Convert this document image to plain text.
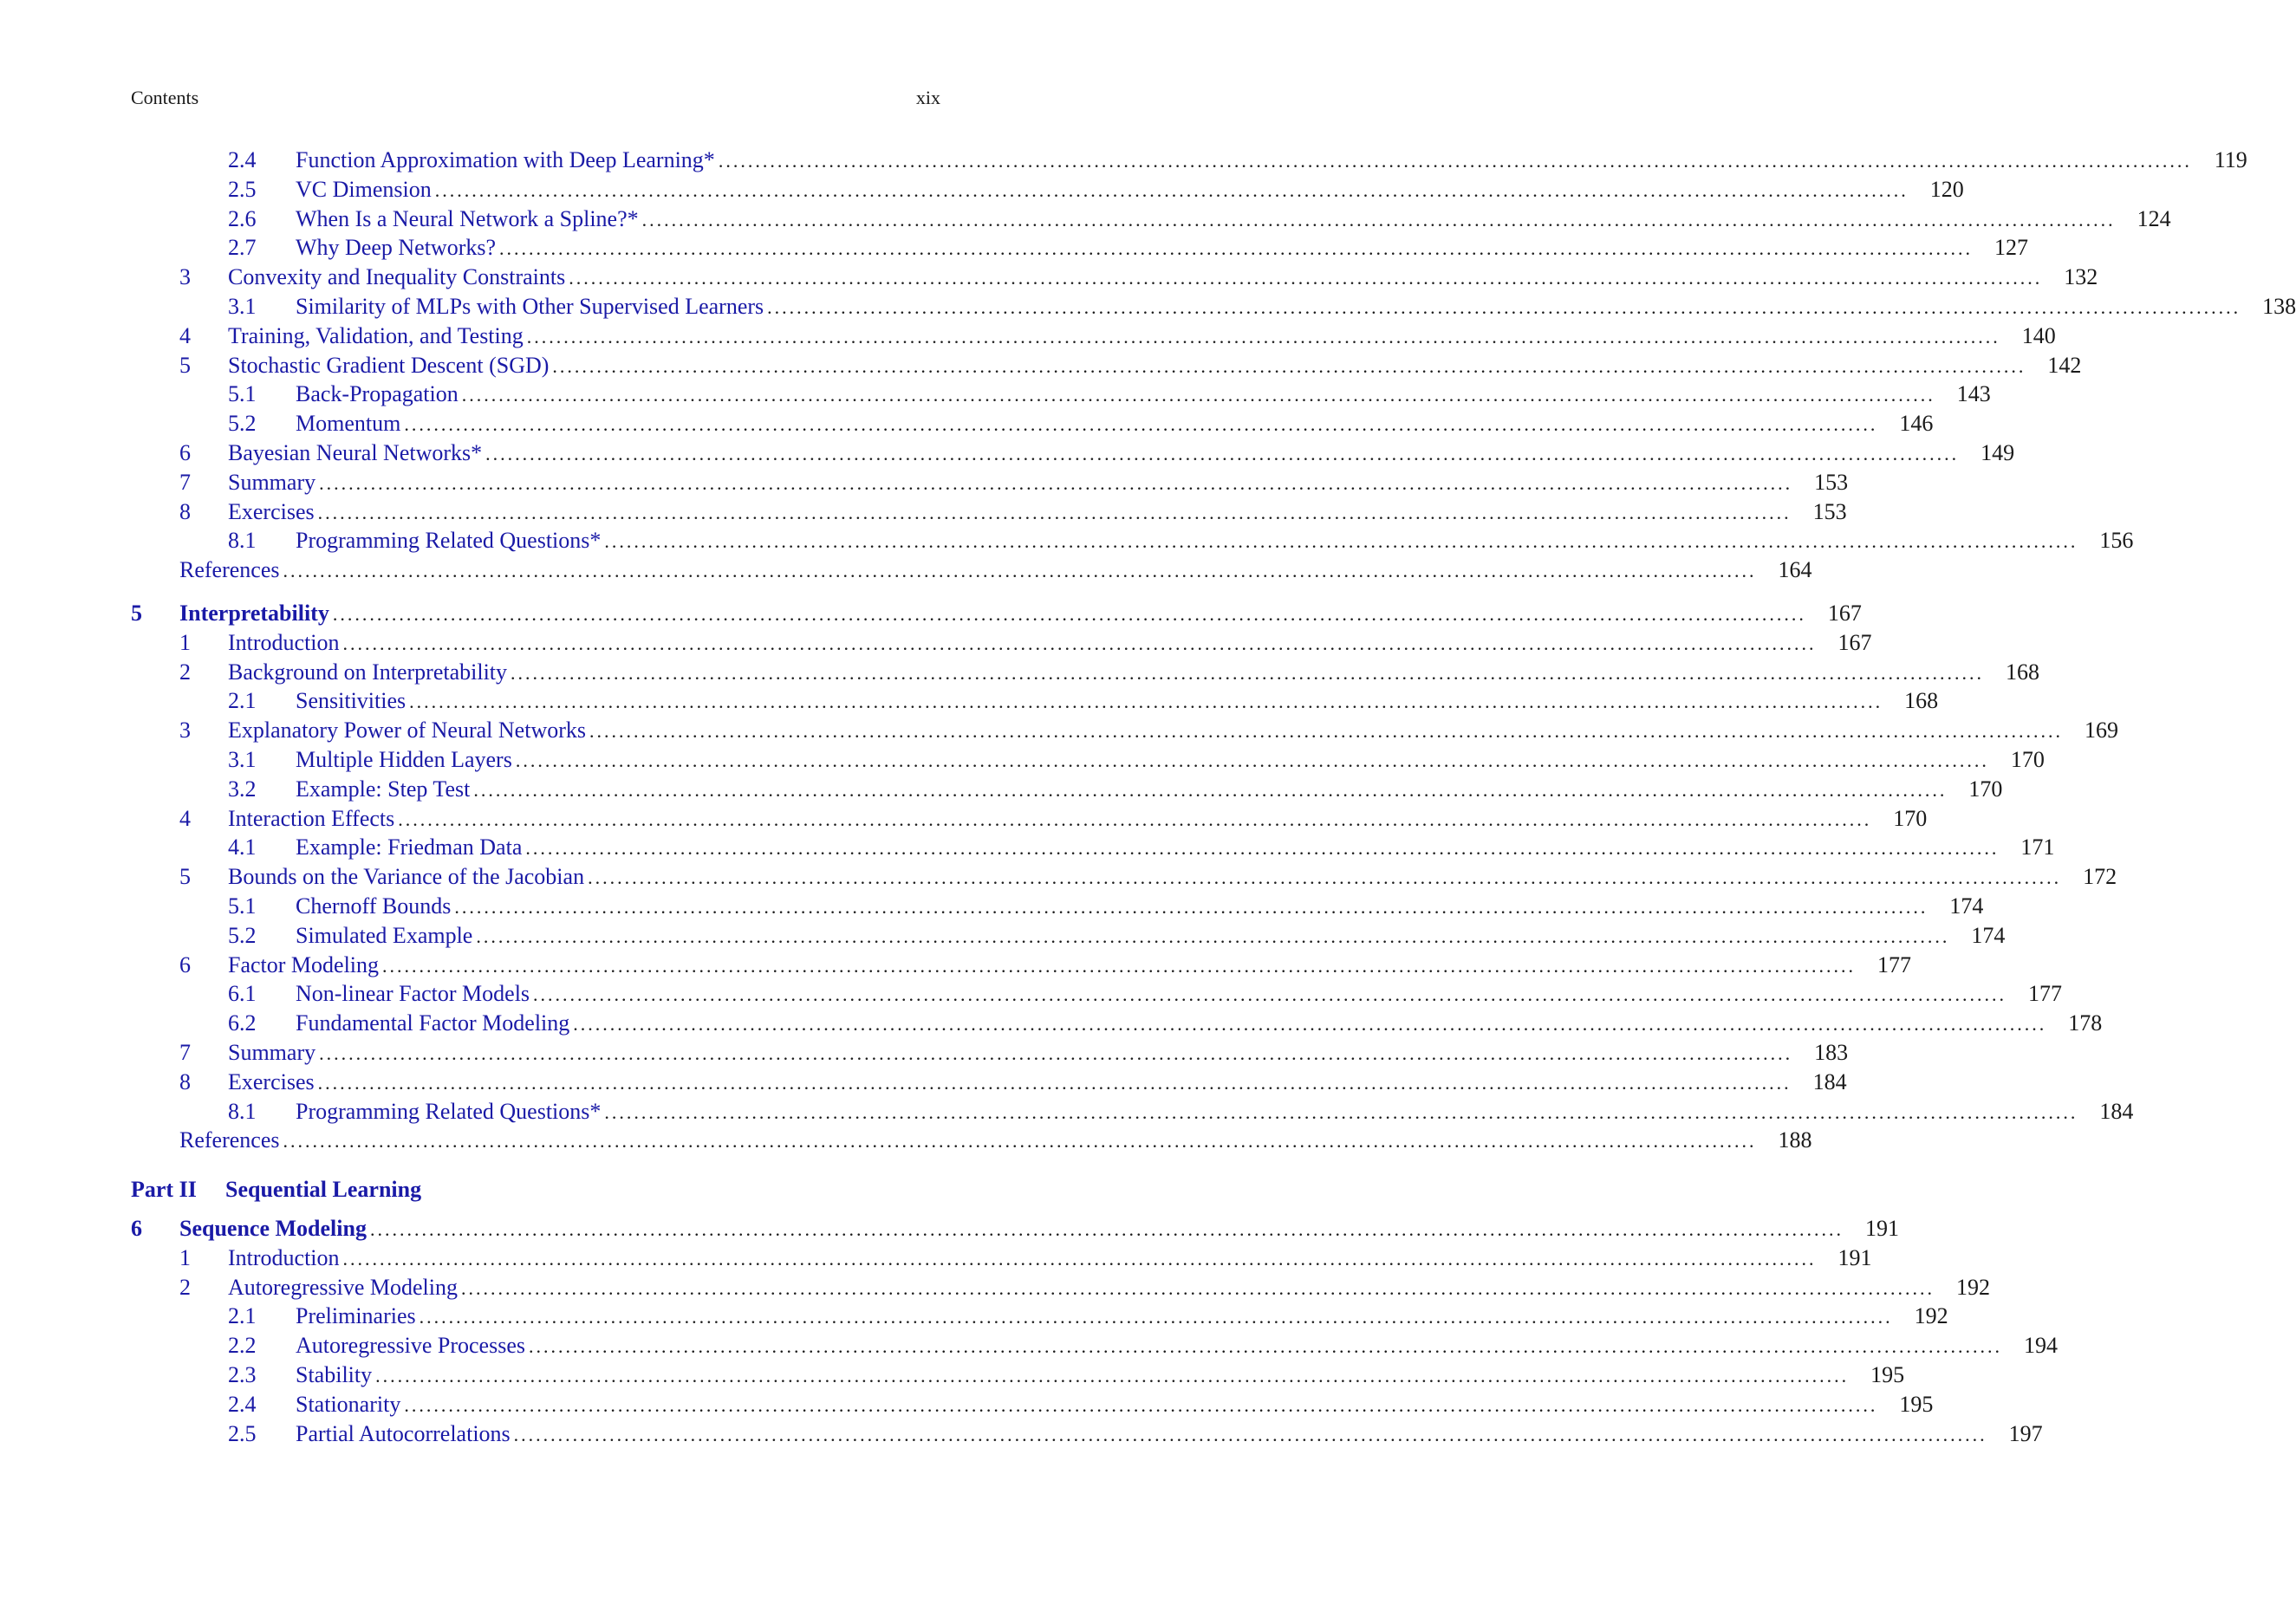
Contents	xix
2.4 Function Approximation with Deep Learning* ........................................................................................................................................................................................................ 119
2.5 VC Dimension ........................................................................................................................................................................................................ 120
2.6 When Is a Neural Network a Spline?* ........................................................................................................................................................................................................ 124
2.7 Why Deep Networks? ........................................................................................................................................................................................................ 127
3 Convexity and Inequality Constraints ........................................................................................................................................................................................................ 132
3.1 Similarity of MLPs with Other Supervised Learners ........................................................................................................................................................................................................ 138
4 Training, Validation, and Testing ........................................................................................................................................................................................................ 140
5 Stochastic Gradient Descent (SGD) ........................................................................................................................................................................................................ 142
5.1 Back-Propagation ........................................................................................................................................................................................................ 143
5.2 Momentum ........................................................................................................................................................................................................ 146
6 Bayesian Neural Networks* ........................................................................................................................................................................................................ 149
7 Summary ........................................................................................................................................................................................................ 153
8 Exercises ........................................................................................................................................................................................................ 153
8.1 Programming Related Questions* ........................................................................................................................................................................................................ 156
References ........................................................................................................................................................................................................ 164
5 Interpretability ........................................................................................................................................................................................................ 167
1 Introduction ........................................................................................................................................................................................................ 167
2 Background on Interpretability ........................................................................................................................................................................................................ 168
2.1 Sensitivities ........................................................................................................................................................................................................ 168
3 Explanatory Power of Neural Networks ........................................................................................................................................................................................................ 169
3.1 Multiple Hidden Layers ........................................................................................................................................................................................................ 170
3.2 Example: Step Test ........................................................................................................................................................................................................ 170
4 Interaction Effects ........................................................................................................................................................................................................ 170
4.1 Example: Friedman Data ........................................................................................................................................................................................................ 171
5 Bounds on the Variance of the Jacobian ........................................................................................................................................................................................................ 172
5.1 Chernoff Bounds ........................................................................................................................................................................................................ 174
5.2 Simulated Example ........................................................................................................................................................................................................ 174
6 Factor Modeling ........................................................................................................................................................................................................ 177
6.1 Non-linear Factor Models ........................................................................................................................................................................................................ 177
6.2 Fundamental Factor Modeling ........................................................................................................................................................................................................ 178
7 Summary ........................................................................................................................................................................................................ 183
8 Exercises ........................................................................................................................................................................................................ 184
8.1 Programming Related Questions* ........................................................................................................................................................................................................ 184
References ........................................................................................................................................................................................................ 188
Part II Sequential Learning
6 Sequence Modeling ........................................................................................................................................................................................................ 191
1 Introduction ........................................................................................................................................................................................................ 191
2 Autoregressive Modeling ........................................................................................................................................................................................................ 192
2.1 Preliminaries ........................................................................................................................................................................................................ 192
2.2 Autoregressive Processes ........................................................................................................................................................................................................ 194
2.3 Stability ........................................................................................................................................................................................................ 195
2.4 Stationarity ........................................................................................................................................................................................................ 195
2.5 Partial Autocorrelations ........................................................................................................................................................................................................ 197
